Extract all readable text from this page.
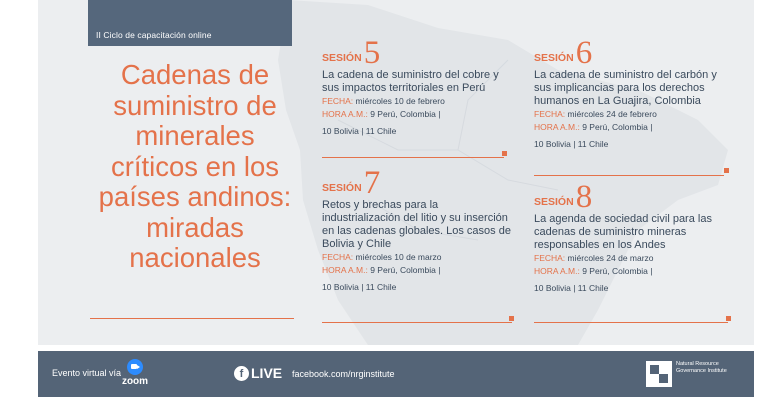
II Ciclo de capacitación online
Cadenas de suministro de minerales críticos en los países andinos: miradas nacionales
SESIÓN 5
La cadena de suministro del cobre y sus impactos territoriales en Perú
FECHA: miércoles 10 de febrero
HORA A.M.: 9 Perú, Colombia |
10 Bolivia | 11 Chile
SESIÓN 6
La cadena de suministro del carbón y sus implicancias para los derechos humanos en La Guajira, Colombia
FECHA: miércoles 24 de febrero
HORA A.M.: 9 Perú, Colombia |
10 Bolivia | 11 Chile
SESIÓN 7
Retos y brechas para la industrialización del litio y su inserción en las cadenas globales. Los casos de Bolivia y Chile
FECHA: miércoles 10 de marzo
HORA A.M.: 9 Perú, Colombia |
10 Bolivia | 11 Chile
SESIÓN 8
La agenda de sociedad civil para las cadenas de suministro mineras responsables en los Andes
FECHA: miércoles 24 de marzo
HORA A.M.: 9 Perú, Colombia |
10 Bolivia | 11 Chile
Evento virtual vía
zoom
f LIVE facebook.com/nrginstitute
Natural Resource Governance Institute
